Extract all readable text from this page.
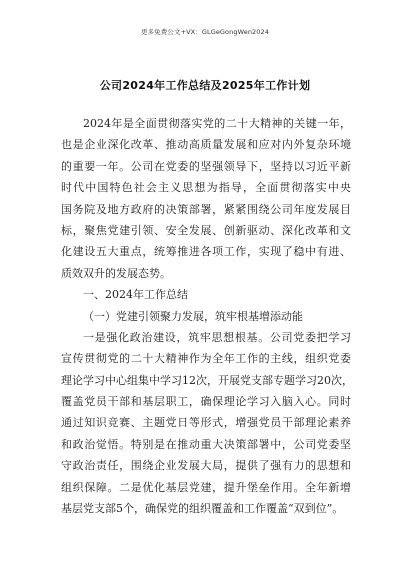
更多免费公文+VX：GLGeGongWen2024
公司2024年工作总结及2025年工作计划
2024年是全面贯彻落实党的二十大精神的关键一年，
也是企业深化改革、推动高质量发展和应对内外复杂环境
的重要一年。公司在党委的坚强领导下，坚持以习近平新
时代中国特色社会主义思想为指导，全面贯彻落实中央
国务院及地方政府的决策部署，紧紧围绕公司年度发展目
标，聚焦党建引领、安全发展、创新驱动、深化改革和文
化建设五大重点，统筹推进各项工作，实现了稳中有进、
质效双升的发展态势。
一、2024年工作总结
（一）党建引领聚力发展，筑牢根基增添动能
一是强化政治建设，筑牢思想根基。公司党委把学习
宣传贯彻党的二十大精神作为全年工作的主线，组织党委
理论学习中心组集中学习12次，开展党支部专题学习20次，
覆盖党员干部和基层职工，确保理论学习入脑入心。同时
通过知识竞赛、主题党日等形式，增强党员干部理论素养
和政治觉悟。特别是在推动重大决策部署中，公司党委坚
守政治责任，围绕企业发展大局，提供了强有力的思想和
组织保障。二是优化基层党建，提升堡垒作用。全年新增
基层党支部5个，确保党的组织覆盖和工作覆盖“双到位”。
